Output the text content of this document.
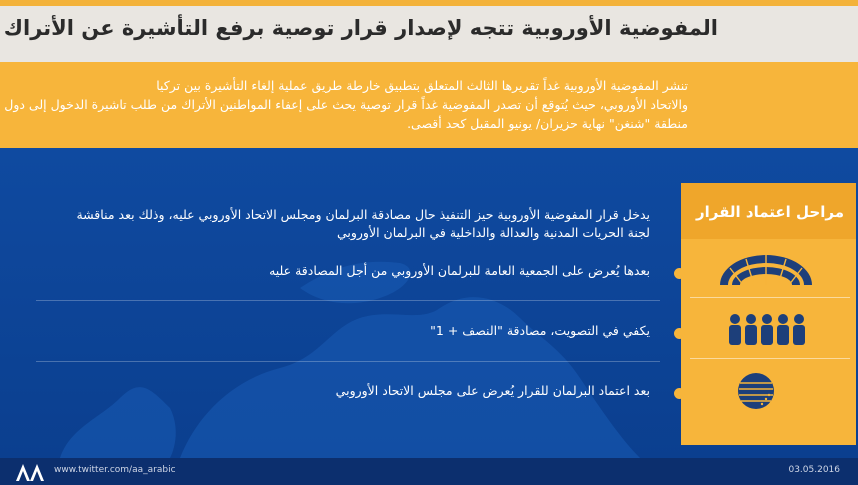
المفوضية الأوروبية تتجه لإصدار قرار توصية برفع التأشيرة عن الأتراك
تنشر المفوضية الأوروبية غداً تقريرها الثالث المتعلق بتطبيق خارطة طريق عملية إلغاء التأشيرة بين تركيا
والاتحاد الأوروبي، حيث يُتوقع أن تصدر المفوضية غداً قرار توصية يحث على إعفاء المواطنين الأتراك من طلب تاشيرة الدخول إلى دول
منطقة "شنغن" نهاية حزيران/ يونيو المقبل كحد أقصى.
مراحل اعتماد القرار
يدخل قرار المفوضية الأوروبية حيز التنفيذ حال مصادقة البرلمان ومجلس الاتحاد الأوروبي عليه، وذلك بعد مناقشة
لجنة الحريات المدنية والعدالة والداخلية في البرلمان الأوروبي
بعدها يُعرض على الجمعية العامة للبرلمان الأوروبي من أجل المصادقة عليه
يكفي في التصويت، مصادقة "النصف + 1"
بعد اعتماد البرلمان للقرار يُعرض على مجلس الاتحاد الأوروبي
www.twitter.com/aa_arabic	03.05.2016
